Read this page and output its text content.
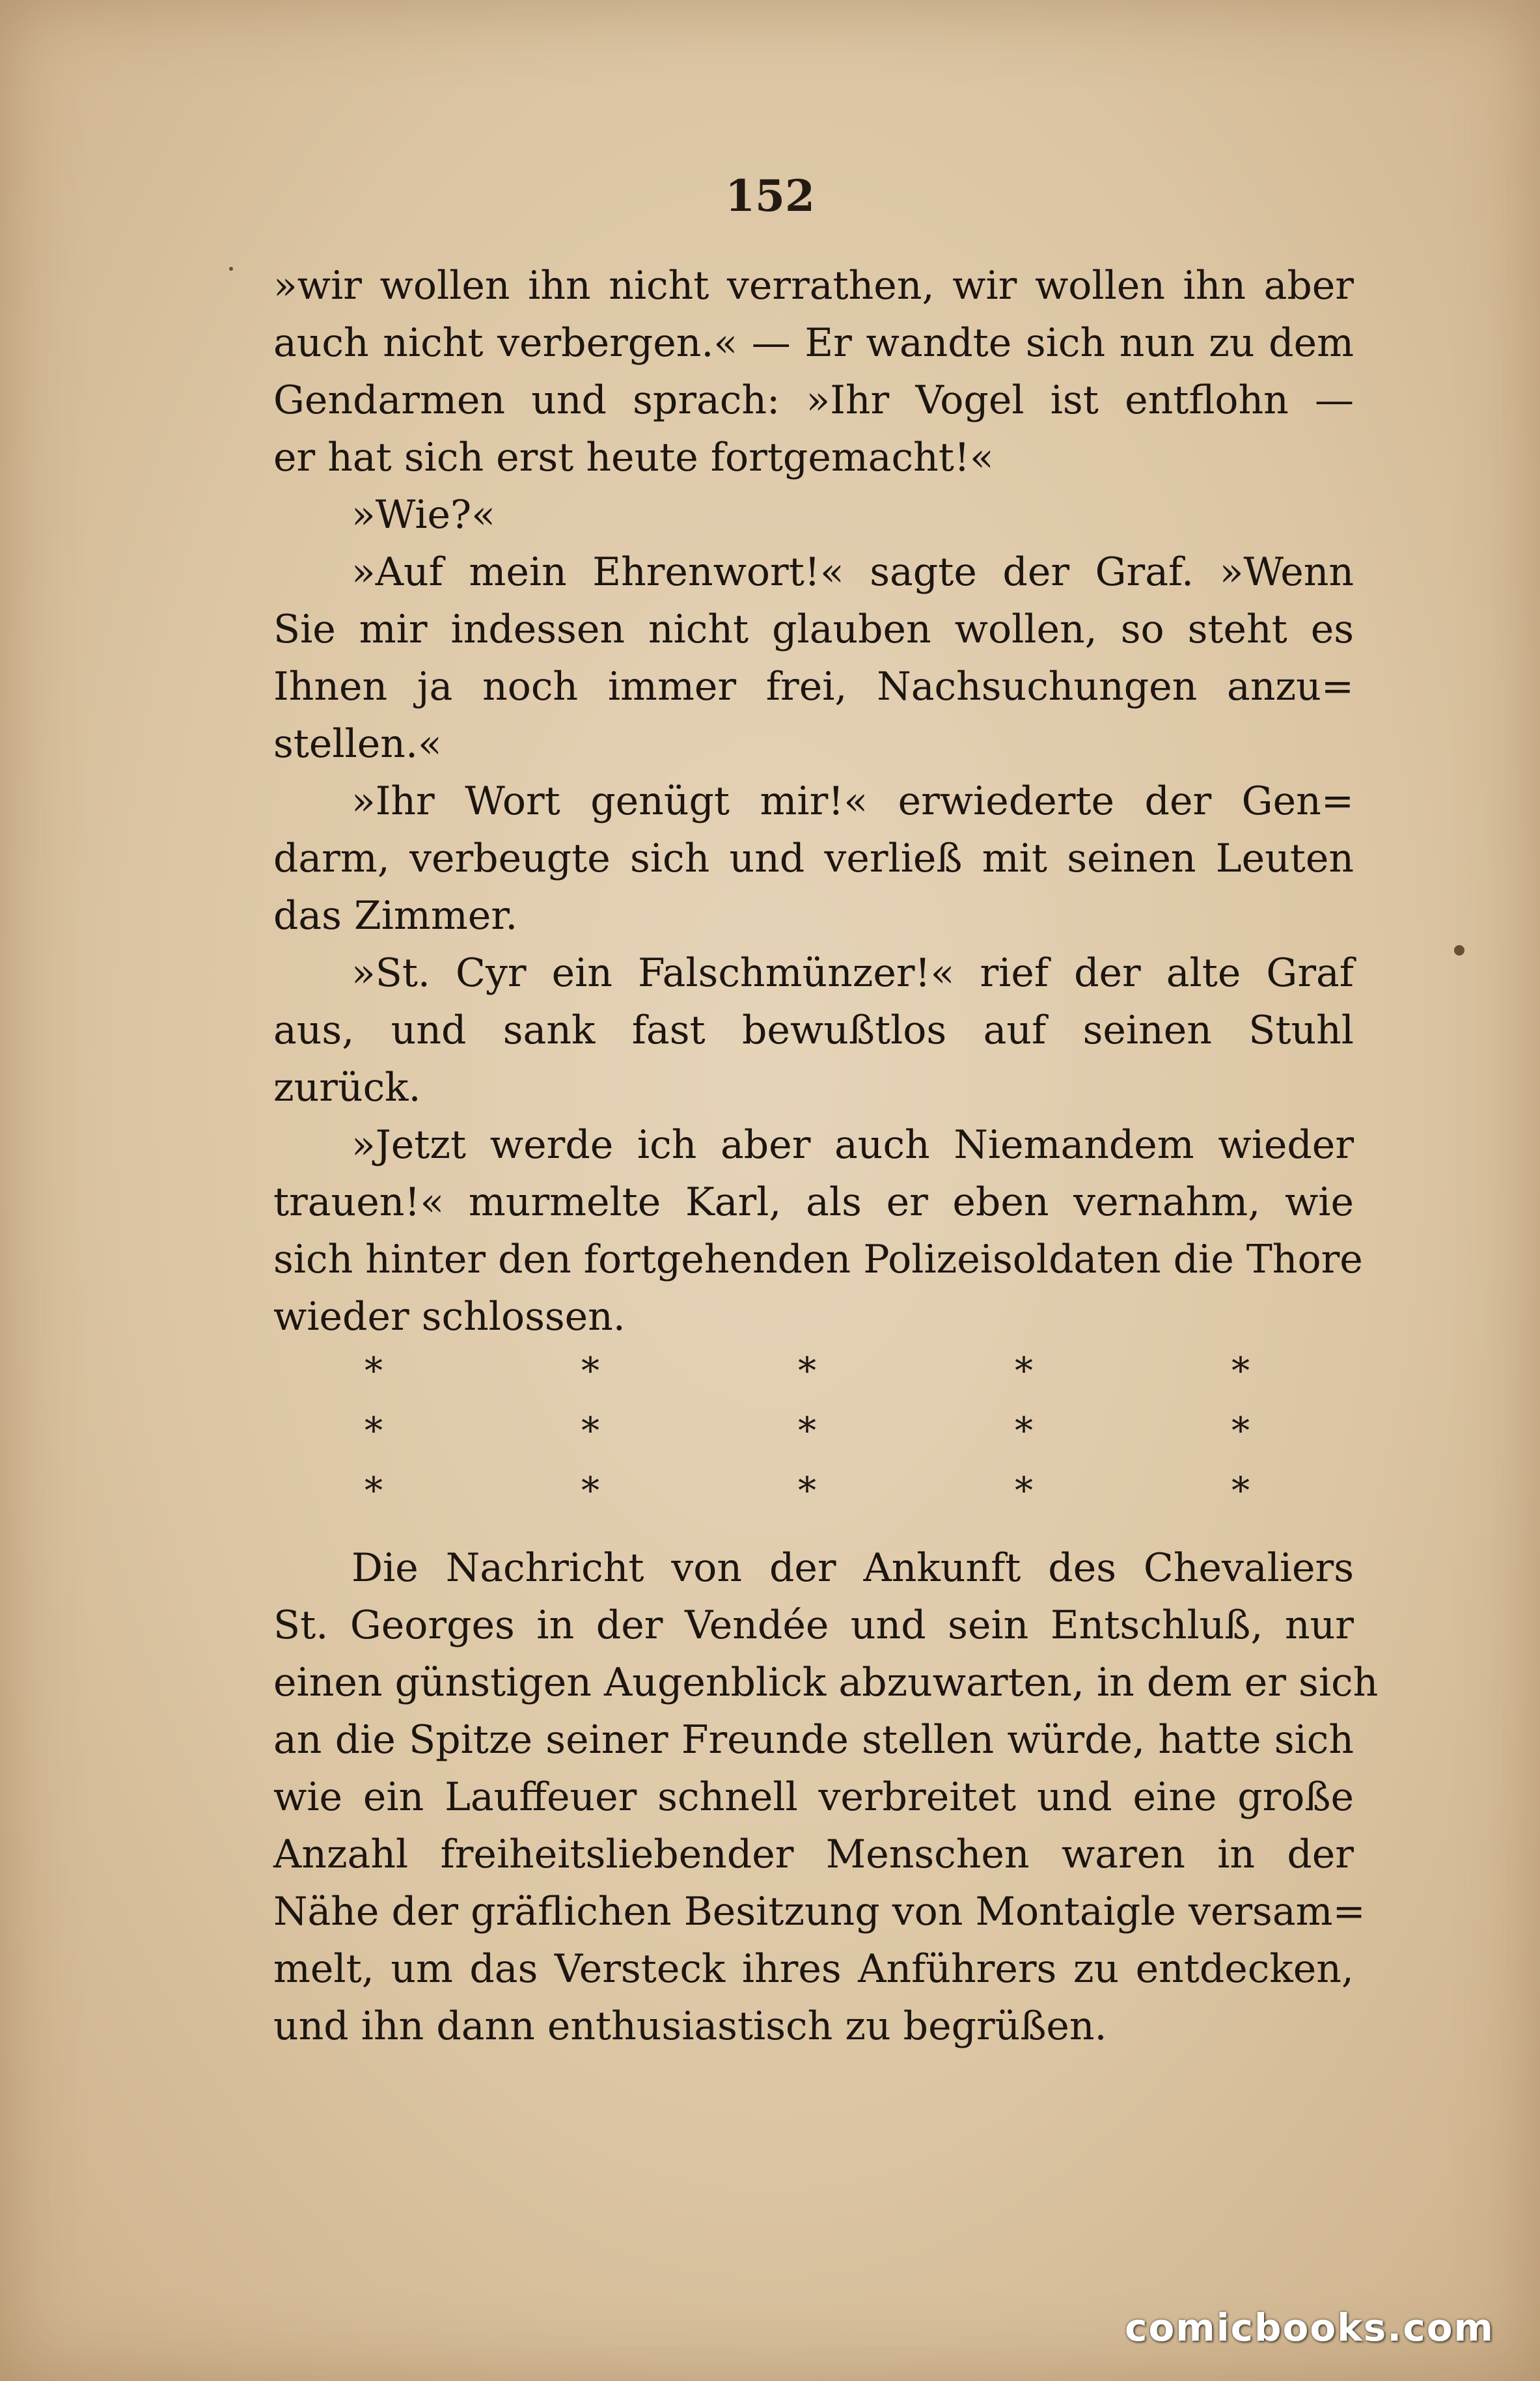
152
»wir wollen ihn nicht verrathen, wir wollen ihn aber
auch nicht verbergen.« — Er wandte sich nun zu dem
Gendarmen und sprach: »Ihr Vogel ist entflohn —
er hat sich erst heute fortgemacht!«
»Wie?«
»Auf mein Ehrenwort!« sagte der Graf. »Wenn
Sie mir indessen nicht glauben wollen, so steht es
Ihnen ja noch immer frei, Nachsuchungen anzu=
stellen.«
»Ihr Wort genügt mir!« erwiederte der Gen=
darm, verbeugte sich und verließ mit seinen Leuten
das Zimmer.
»St. Cyr ein Falschmünzer!« rief der alte Graf
aus, und sank fast bewußtlos auf seinen Stuhl
zurück.
»Jetzt werde ich aber auch Niemandem wieder
trauen!« murmelte Karl, als er eben vernahm, wie
sich hinter den fortgehenden Polizeisoldaten die Thore
wieder schlossen.
*	*	*	*	*
*	*	*	*	*
*	*	*	*	*
Die Nachricht von der Ankunft des Chevaliers
St. Georges in der Vendée und sein Entschluß, nur
einen günstigen Augenblick abzuwarten, in dem er sich
an die Spitze seiner Freunde stellen würde, hatte sich
wie ein Lauffeuer schnell verbreitet und eine große
Anzahl freiheitsliebender Menschen waren in der
Nähe der gräflichen Besitzung von Montaigle versam=
melt, um das Versteck ihres Anführers zu entdecken,
und ihn dann enthusiastisch zu begrüßen.
comicbooks.com
